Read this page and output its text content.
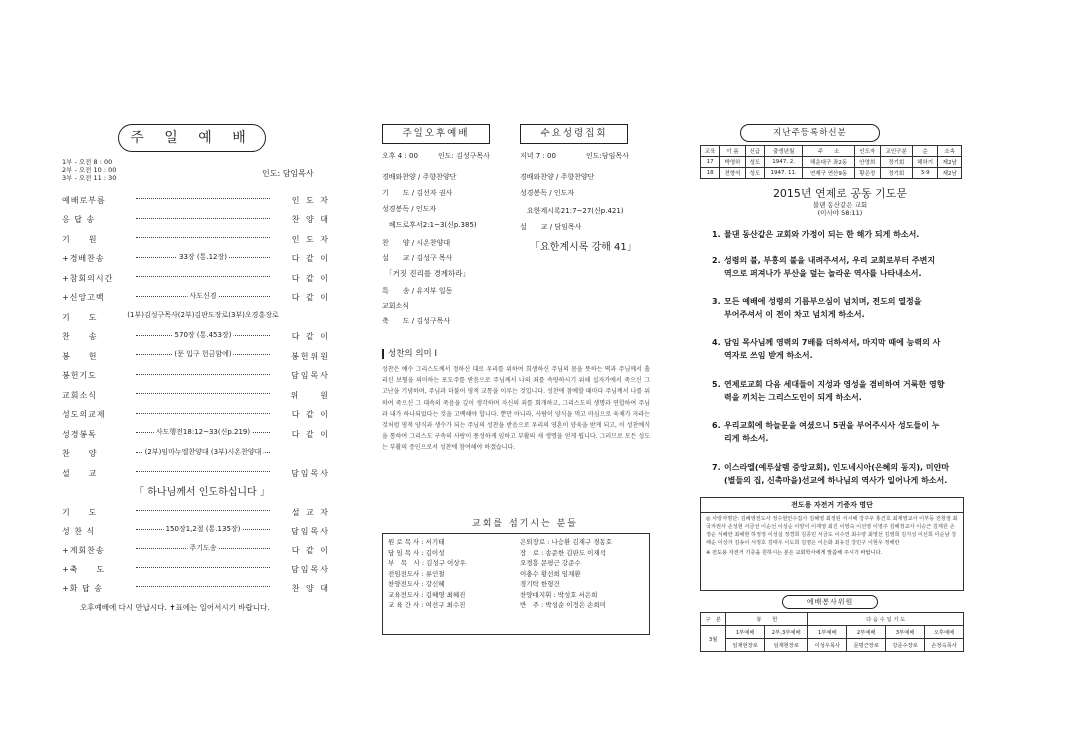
주 일 예 배
1부 - 오전 8 : 00
2부 - 오전 10 : 00
3부 - 오전 11 : 30	인도: 담임목사
예배로부름	인 도 자
응 답 송	찬 양 대
기　　원	인 도 자
+경배찬송	33장 (통.12장)	다 같 이
+참회의시간	다 같 이
+신앙고백	사도신경	다 같 이
기　　도	(1부)김성구목사(2부)김판도장로(3부)오경흥장로
찬　　송	570장 (통.453장)	다 같 이
봉　　헌	(문 입구 헌금함에)	봉헌위원
봉헌기도	담임목사
교회소식	위　　원
성도의교제	다 같 이
성경봉독	사도행전18:12~33(신p.219)	다 같 이
찬　　양	(2부)임마누엘찬양대 (3부)시온찬양대
설　　교	담임목사
「 하나님께서 인도하십니다 」
기　　도	설 교 자
성 찬 식	150장1,2절 (통.135장)	담임목사
+계회찬송	주기도송	다 같 이
+축　　도	담임목사
+화 답 송	찬 양 대
오후예배에 다시 만납시다. ✝표에는 일어서시기 바랍니다.
주일오후예배	수요성령집회
오후 4 : 00	인도: 김성구목사	저녁 7 : 00	인도:담임목사
경배와찬양 / 주향찬양단
기　　도 / 김선자 권사
성경봉독 / 인도자
　베드로후서2:1~3(신p.385)
찬　　양 / 시온찬양대
설　　교 / 김성구 목사
「거짓 진리를 경계하라」
특　　송 / 유지부 일동
교회소식
축　　도 / 김성구목사
경배와찬양 / 주향찬양단
성경봉독 / 인도자
　요한계시록21:7~27(신p.421)
설　　교 / 담임목사
「요한계시록 강해 41」
성찬의 의미 Ⅰ
성찬은 예수 그리스도께서 정하신 대로 우리를 위하여 희생하신 주님의 몸을 뜻하는 떡과 주님께서 흘리신 보혈을 의미하는 포도주를 받음으로 주님께서 나의 죄를 속량하시기 위해 십자가에서 죽으신 그 고난을 기념하며, 주님과 더불어 영적 교통을 이루는 것입니다. 성찬에 참예할 때마다 주님께서 나를 위하여 죽으신 그 대속의 죽음을 깊이 생각하며 자신의 죄를 회개하고, 그리스도의 생명과 연합하여 주님과 내가 하나되었다는 것을 고백해야 합니다. 뿐만 아니라, 사람이 양식을 먹고 마심으로 육체가 자라는 것처럼 영적 양식과 생수가 되는 주님의 성찬을 받음으로 우리의 영혼이 양육을 받게 되고, 이 성찬예식을 통하여 그리스도 구속의 사랑이 풍성하게 임하고 부활의 새 생명을 얻게 됩니다. 그러므로 모든 성도는 부활의 증인으로서 성찬에 참여해야 하겠습니다.
교회를 섬기시는 분들
원 로 목 사 : 서기태	은퇴장로 : 나승환 김재구 경동호
담 임 목 사 : 김이성	장　로 : 송준한 김판도 이재석
부　목　사 : 김성구 이상우	오경흥 문평근 강준수
전임전도사 : 류인철	이충수 황선희 임채환
찬양전도사 : 강신혜	경기탁 한형건
교육전도사 : 김혜영 최혜진	찬양대지휘 : 박성호 서은희
교 육 간 사 : 여선구 최수진	반　주 : 박성순 이정은 손희미
지난주등록하신분
교육	이 름	신급	출생년월	주　　소	인도자	교인구분	순	소속
17	박영하	성도	1947. 2.	해운대구 좌2동	안영희	정기회	해하기	제2남
18	전향석	성도	1947. 11.	연제구 연산9동	황은정	정기회	3-9	제2남
2015년 연제로 공동 기도문
불댄 동산같은 교회
(이사야 58:11)
1. 물댄 동산같은 교회와 가정이 되는 한 해가 되게 하소서.
2. 성령의 불, 부흥의 불을 내려주셔서, 우리 교회로부터 주변지
역으로 퍼져나가 부산을 덮는 놀라운 역사를 나타내소서.
3. 모든 예배에 성령의 기름부으심이 넘치며, 전도의 열정을
부어주셔서 이 전이 차고 넘치게 하소서.
4. 담임 목사님께 영력의 7배를 더하셔서, 마지막 때에 능력의 사
역자로 쓰임 받게 하소서.
5. 연제로교회 다음 세대들이 지성과 영성을 겸비하여 거룩한 영향
력을 끼치는 그리스도인이 되게 하소서.
6. 우리교회에 하늘문을 여셨으니 5권을 부어주시사 성도들이 누
리게 하소서.
7. 이스라엘(예루살렘 중앙교회), 인도네시아(은혜의 동지), 미얀마
(별들의 집, 신촉마을)선교에 하나님의 역사가 일어나게 하소서.
전도용 자전거 기증자 명단
◎ 사랑자명단: 김혜영전도사 정수현안수집사 김혜영 최정된 서시해 강주우 홍건호 최재영교사 이부동 전창점 최국자권사 손성현 서금선 이순선 이성순 이양이 이재영 최진 이영숙 이선영 이영주 김해정교사 이승근 김재원 손정순 서혜란 최해현 하정정 이성실 정경희 김종민 서금도 이수연 최수양 최영선 김영희 김지성 이선희 이순남 강해순 이상자 김송이 서정호 김태우 이도희 김영은 이은화 최유진 강민구 이현우 정해란
※ 전도용 자전거 기증을 원하시는 분은 교회학사에게 말씀해 주시기 바랍니다.
예배봉사위원
구　분	봉　　헌		다 음 수 일 기 도			
3월	1부예배	2부,3부예배	1부예배	2부예배	3부예배	오후예배
	임재현장로	임재현장로	이성우목사	문평근장로	강준수장로	손정숙목사
